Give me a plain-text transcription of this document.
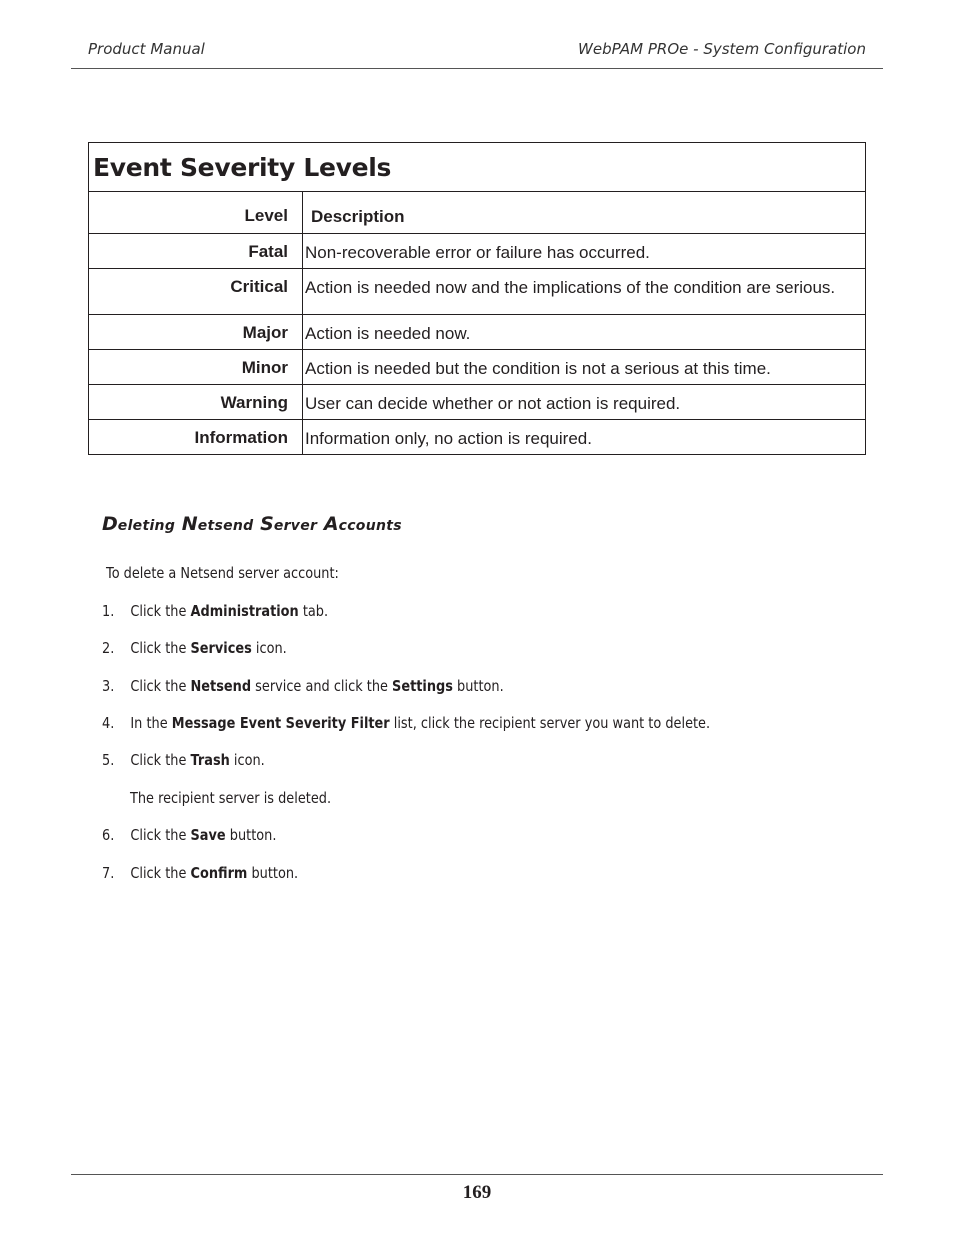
Product Manual	WebPAM PROe - System Configuration
Event Severity Levels	

Level	Description

Fatal	Non-recoverable error or failure has occurred.

Critical	Action is needed now and the implications of the condition are serious.

Major	Action is needed now.

Minor	Action is needed but the condition is not a serious at this time.

Warning	User can decide whether or not action is required.

Information	Information only, no action is required.
Deleting Netsend Server Accounts
To delete a Netsend server account:
1. Click the Administration tab.
2. Click the Services icon.
3. Click the Netsend service and click the Settings button.
4. In the Message Event Severity Filter list, click the recipient server you want to delete.
5. Click the Trash icon.
The recipient server is deleted.
6. Click the Save button.
7. Click the Confirm button.
169
